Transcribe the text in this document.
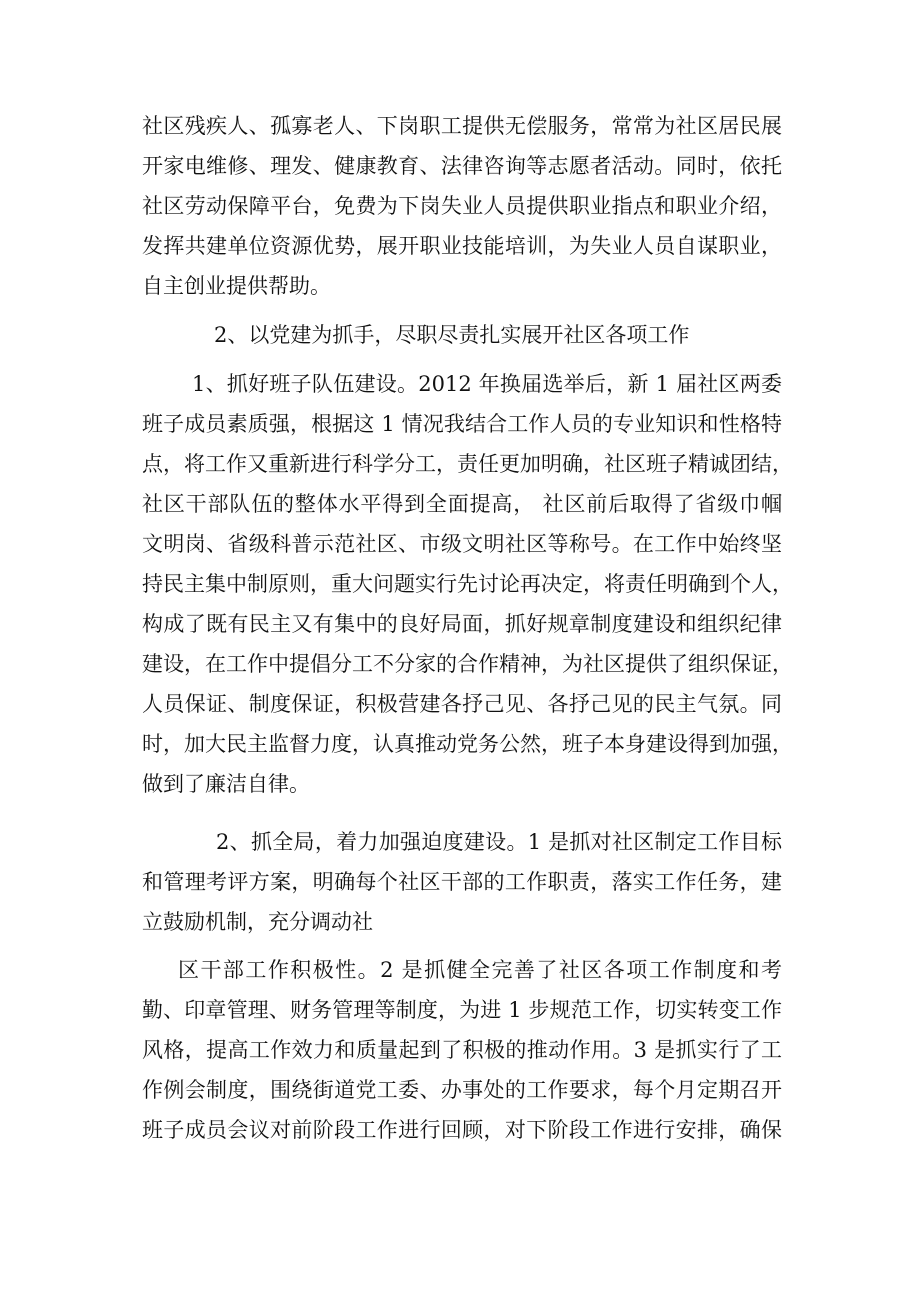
社区残疾人、孤寡老人、下岗职工提供无偿服务，常常为社区居民展
开家电维修、理发、健康教育、法律咨询等志愿者活动。同时，依托
社区劳动保障平台，免费为下岗失业人员提供职业指点和职业介绍，
发挥共建单位资源优势，展开职业技能培训，为失业人员自谋职业，
自主创业提供帮助。
2、以党建为抓手，尽职尽责扎实展开社区各项工作
1、抓好班子队伍建设。2012 年换届选举后，新 1 届社区两委
班子成员素质强，根据这 1 情况我结合工作人员的专业知识和性格特
点，将工作又重新进行科学分工，责任更加明确，社区班子精诚团结，
社区干部队伍的整体水平得到全面提高， 社区前后取得了省级巾帼
文明岗、省级科普示范社区、市级文明社区等称号。在工作中始终坚
持民主集中制原则，重大问题实行先讨论再决定，将责任明确到个人，
构成了既有民主又有集中的良好局面，抓好规章制度建设和组织纪律
建设，在工作中提倡分工不分家的合作精神，为社区提供了组织保证，
人员保证、制度保证，积极营建各抒己见、各抒己见的民主气氛。同
时，加大民主监督力度，认真推动党务公然，班子本身建设得到加强，
做到了廉洁自律。
2、抓全局，着力加强迫度建设。1 是抓对社区制定工作目标
和管理考评方案，明确每个社区干部的工作职责，落实工作任务，建
立鼓励机制，充分调动社
区干部工作积极性。2 是抓健全完善了社区各项工作制度和考
勤、印章管理、财务管理等制度，为进 1 步规范工作，切实转变工作
风格，提高工作效力和质量起到了积极的推动作用。3 是抓实行了工
作例会制度，围绕街道党工委、办事处的工作要求，每个月定期召开
班子成员会议对前阶段工作进行回顾，对下阶段工作进行安排，确保
